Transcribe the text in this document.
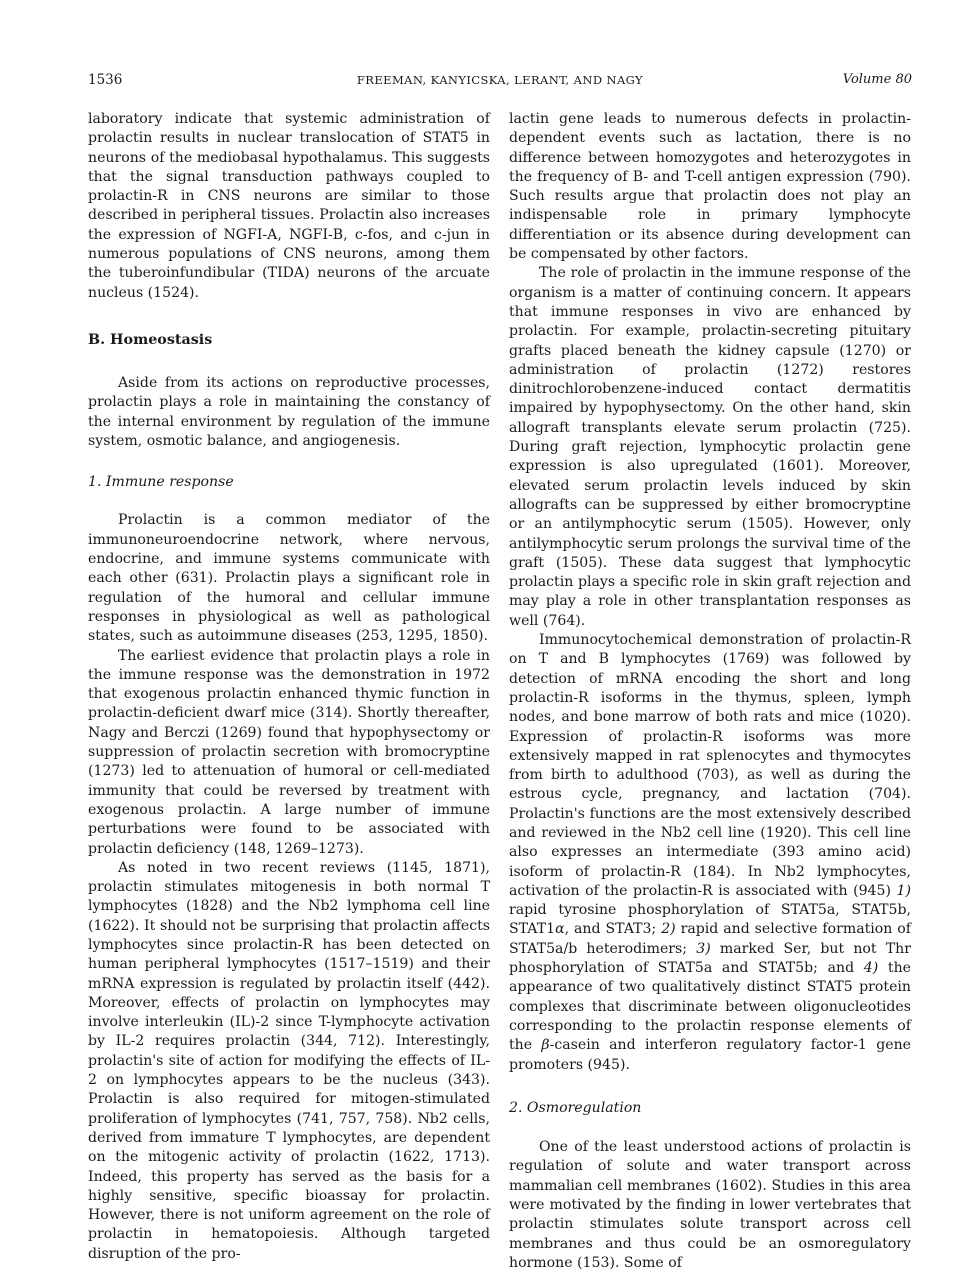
1536	FREEMAN, KANYICSKA, LERANT, AND NAGY	Volume 80

laboratory indicate that systemic administration of prolactin results in nuclear translocation of STAT5 in neurons of the mediobasal hypothalamus. This suggests that the signal transduction pathways coupled to prolactin-R in CNS neurons are similar to those described in peripheral tissues. Prolactin also increases the expression of NGFI-A, NGFI-B, c-fos, and c-jun in numerous populations of CNS neurons, among them the tuberoinfundibular (TIDA) neurons of the arcuate nucleus (1524).

B. Homeostasis

Aside from its actions on reproductive processes, prolactin plays a role in maintaining the constancy of the internal environment by regulation of the immune system, osmotic balance, and angiogenesis.

1. Immune response

Prolactin is a common mediator of the immunoneuroendocrine network, where nervous, endocrine, and immune systems communicate with each other (631). Prolactin plays a significant role in regulation of the humoral and cellular immune responses in physiological as well as pathological states, such as autoimmune diseases (253, 1295, 1850).

The earliest evidence that prolactin plays a role in the immune response was the demonstration in 1972 that exogenous prolactin enhanced thymic function in prolactin-deficient dwarf mice (314). Shortly thereafter, Nagy and Berczi (1269) found that hypophysectomy or suppression of prolactin secretion with bromocryptine (1273) led to attenuation of humoral or cell-mediated immunity that could be reversed by treatment with exogenous prolactin. A large number of immune perturbations were found to be associated with prolactin deficiency (148, 1269–1273).

As noted in two recent reviews (1145, 1871), prolactin stimulates mitogenesis in both normal T lymphocytes (1828) and the Nb2 lymphoma cell line (1622). It should not be surprising that prolactin affects lymphocytes since prolactin-R has been detected on human peripheral lymphocytes (1517–1519) and their mRNA expression is regulated by prolactin itself (442). Moreover, effects of prolactin on lymphocytes may involve interleukin (IL)-2 since T-lymphocyte activation by IL-2 requires prolactin (344, 712). Interestingly, prolactin's site of action for modifying the effects of IL-2 on lymphocytes appears to be the nucleus (343). Prolactin is also required for mitogen-stimulated proliferation of lymphocytes (741, 757, 758). Nb2 cells, derived from immature T lymphocytes, are dependent on the mitogenic activity of prolactin (1622, 1713). Indeed, this property has served as the basis for a highly sensitive, specific bioassay for prolactin. However, there is not uniform agreement on the role of prolactin in hematopoiesis. Although targeted disruption of the pro-

lactin gene leads to numerous defects in prolactin-dependent events such as lactation, there is no difference between homozygotes and heterozygotes in the frequency of B- and T-cell antigen expression (790). Such results argue that prolactin does not play an indispensable role in primary lymphocyte differentiation or its absence during development can be compensated by other factors.

The role of prolactin in the immune response of the organism is a matter of continuing concern. It appears that immune responses in vivo are enhanced by prolactin. For example, prolactin-secreting pituitary grafts placed beneath the kidney capsule (1270) or administration of prolactin (1272) restores dinitrochlorobenzene-induced contact dermatitis impaired by hypophysectomy. On the other hand, skin allograft transplants elevate serum prolactin (725). During graft rejection, lymphocytic prolactin gene expression is also upregulated (1601). Moreover, elevated serum prolactin levels induced by skin allografts can be suppressed by either bromocryptine or an antilymphocytic serum (1505). However, only antilymphocytic serum prolongs the survival time of the graft (1505). These data suggest that lymphocytic prolactin plays a specific role in skin graft rejection and may play a role in other transplantation responses as well (764).

Immunocytochemical demonstration of prolactin-R on T and B lymphocytes (1769) was followed by detection of mRNA encoding the short and long prolactin-R isoforms in the thymus, spleen, lymph nodes, and bone marrow of both rats and mice (1020). Expression of prolactin-R isoforms was more extensively mapped in rat splenocytes and thymocytes from birth to adulthood (703), as well as during the estrous cycle, pregnancy, and lactation (704). Prolactin's functions are the most extensively described and reviewed in the Nb2 cell line (1920). This cell line also expresses an intermediate (393 amino acid) isoform of prolactin-R (184). In Nb2 lymphocytes, activation of the prolactin-R is associated with (945) 1) rapid tyrosine phosphorylation of STAT5a, STAT5b, STAT1α, and STAT3; 2) rapid and selective formation of STAT5a/b heterodimers; 3) marked Ser, but not Thr phosphorylation of STAT5a and STAT5b; and 4) the appearance of two qualitatively distinct STAT5 protein complexes that discriminate between oligonucleotides corresponding to the prolactin response elements of the β-casein and interferon regulatory factor-1 gene promoters (945).

2. Osmoregulation

One of the least understood actions of prolactin is regulation of solute and water transport across mammalian cell membranes (1602). Studies in this area were motivated by the finding in lower vertebrates that prolactin stimulates solute transport across cell membranes and thus could be an osmoregulatory hormone (153). Some of
